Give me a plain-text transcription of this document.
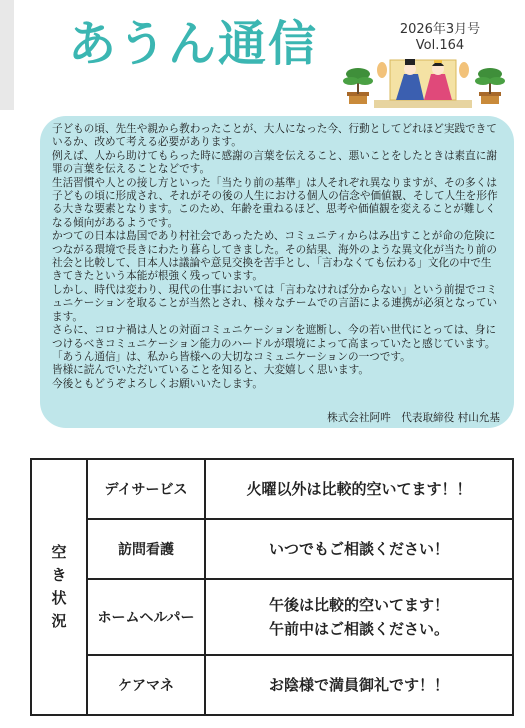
あうん通信	2026年3月号
Vol.164

子どもの頃、先生や親から教わったことが、大人になった今、行動としてどれほど実践できているか、改めて考える必要があります。

例えば、人から助けてもらった時に感謝の言葉を伝えること、悪いことをしたときは素直に謝罪の言葉を伝えることなどです。

生活習慣や人との接し方といった「当たり前の基準」は人それぞれ異なりますが、その多くは子どもの頃に形成され、それがその後の人生における個人の信念や価値観、そして人生を形作る大きな要素となります。このため、年齢を重ねるほど、思考や価値観を変えることが難しくなる傾向があるようです。

かつての日本は島国であり村社会であったため、コミュニティからはみ出すことが命の危険につながる環境で長きにわたり暮らしてきました。その結果、海外のような異文化が当たり前の社会と比較して、日本人は議論や意見交換を苦手とし、「言わなくても伝わる」文化の中で生きてきたという本能が根強く残っています。

しかし、時代は変わり、現代の仕事においては「言わなければ分からない」という前提でコミュニケーションを取ることが当然とされ、様々なチームでの言語による連携が必須となっています。

さらに、コロナ禍は人との対面コミュニケーションを遮断し、今の若い世代にとっては、身につけるべきコミュニケーション能力のハードルが環境によって高まっていたと感じています。

「あうん通信」は、私から皆様への大切なコミュニケーションの一つです。

皆様に読んでいただいていることを知ると、大変嬉しく思います。

今後ともどうぞよろしくお願いいたします。

株式会社阿吽　代表取締役 村山允基
空
き
状
況	デイサービス	火曜以外は比較的空いてます！！

	訪問看護	いつでもご相談ください！

	ホームヘルパー	午後は比較的空いてます！
午前中はご相談ください。

	ケアマネ	お陰様で満員御礼です！！
